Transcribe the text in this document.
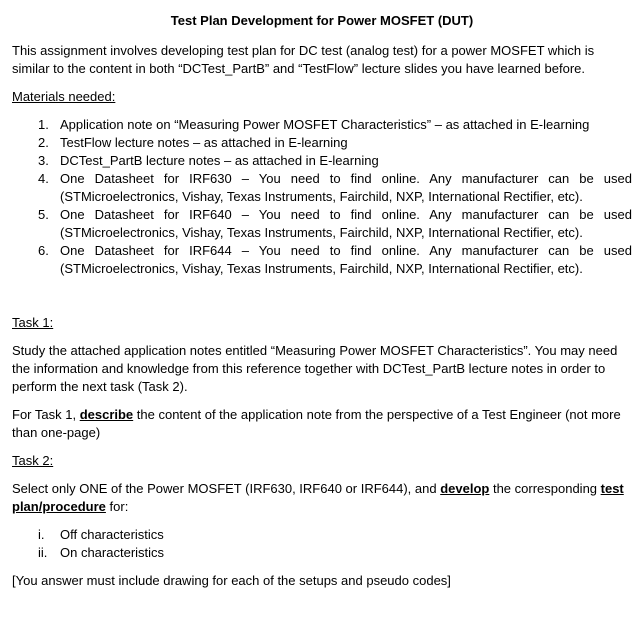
Test Plan Development for Power MOSFET (DUT)

This assignment involves developing test plan for DC test (analog test) for a power MOSFET which is similar to the content in both “DCTest_PartB” and “TestFlow” lecture slides you have learned before.

Materials needed:

1. Application note on “Measuring Power MOSFET Characteristics” – as attached in E-learning
2. TestFlow lecture notes – as attached in E-learning
3. DCTest_PartB lecture notes – as attached in E-learning
4. One Datasheet for IRF630 – You need to find online. Any manufacturer can be used (STMicroelectronics, Vishay, Texas Instruments, Fairchild, NXP, International Rectifier, etc).
5. One Datasheet for IRF640 – You need to find online. Any manufacturer can be used (STMicroelectronics, Vishay, Texas Instruments, Fairchild, NXP, International Rectifier, etc).
6. One Datasheet for IRF644 – You need to find online. Any manufacturer can be used (STMicroelectronics, Vishay, Texas Instruments, Fairchild, NXP, International Rectifier, etc).

Task 1:

Study the attached application notes entitled “Measuring Power MOSFET Characteristics”. You may need the information and knowledge from this reference together with DCTest_PartB lecture notes in order to perform the next task (Task 2).

For Task 1, describe the content of the application note from the perspective of a Test Engineer (not more than one-page)

Task 2:

Select only ONE of the Power MOSFET (IRF630, IRF640 or IRF644), and develop the corresponding test plan/procedure for:

i.	Off characteristics
ii. On characteristics

[You answer must include drawing for each of the setups and pseudo codes]
